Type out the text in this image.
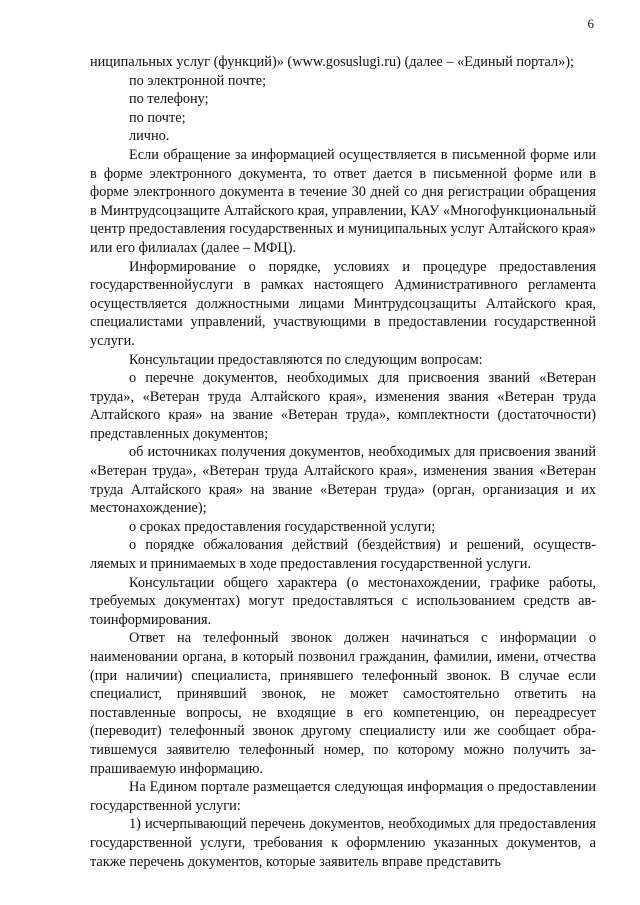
6

ниципальных услуг (функций)» (www.gosuslugi.ru) (далее – «Единый портал»);

по электронной почте;

по телефону;

по почте;

лично.

Если обращение за информацией осуществляется в письменной форме или в форме электронного документа, то ответ дается в письменной форме или в форме электронного документа в течение 30 дней со дня регистрации обращения в Минтрудсоцзащите Алтайского края, управлении, КАУ «Многофункциональный центр предоставления государственных и муниципальных услуг Алтайского края» или его филиалах (далее – МФЦ).

Информирование о порядке, условиях и процедуре предоставления государственнойуслуги в рамках настоящего Административного регламента осуществляется должностными лицами Минтрудсоцзащиты Алтайского края, специалистами управлений, участвующими в предоставлении государственной услуги.

Консультации предоставляются по следующим вопросам:

о перечне документов, необходимых для присвоения званий «Ветеран труда», «Ветеран труда Алтайского края», изменения звания «Ветеран труда Алтайского края» на звание «Ветеран труда», комплектности (достаточности) представленных документов;

об источниках получения документов, необходимых для присвоения званий «Ветеран труда», «Ветеран труда Алтайского края», изменения звания «Ветеран труда Алтайского края» на звание «Ветеран труда» (орган, организация и их местонахождение);

о сроках предоставления государственной услуги;

о порядке обжалования действий (бездействия) и решений, осуществляемых и принимаемых в ходе предоставления государственной услуги.

Консультации общего характера (о местонахождении, графике работы, требуемых документах) могут предоставляться с использованием средств автоинформирования.

Ответ на телефонный звонок должен начинаться с информации о наименовании органа, в который позвонил гражданин, фамилии, имени, отчества (при наличии) специалиста, принявшего телефонный звонок. В случае если специалист, принявший звонок, не может самостоятельно ответить на поставленные вопросы, не входящие в его компетенцию, он переадресует (переводит) телефонный звонок другому специалисту или же сообщает обратившемуся заявителю телефонный номер, по которому можно получить запрашиваемую информацию.

На Едином портале размещается следующая информация о предоставлении государственной услуги:

1) исчерпывающий перечень документов, необходимых для предоставления государственной услуги, требования к оформлению указанных документов, а также перечень документов, которые заявитель вправе представить
